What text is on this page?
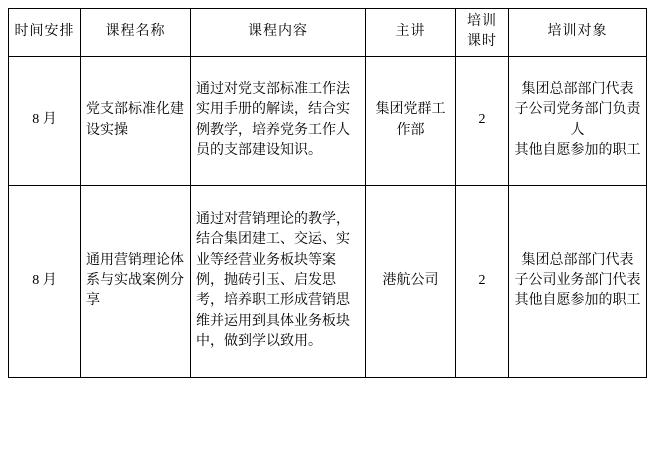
时间安排	课程名称	课程内容	主讲	培训课时	培训对象
8 月	党支部标准化建设实操	通过对党支部标准工作法实用手册的解读，结合实例教学，培养党务工作人员的支部建设知识。	集团党群工作部	2	集团总部部门代表
子公司党务部门负责人
其他自愿参加的职工

8 月	通用营销理论体系与实战案例分享	通过对营销理论的教学，结合集团建工、交运、实业等经营业务板块等案例，抛砖引玉、启发思考，培养职工形成营销思维并运用到具体业务板块中，做到学以致用。	港航公司	2	集团总部部门代表
子公司业务部门代表
其他自愿参加的职工
